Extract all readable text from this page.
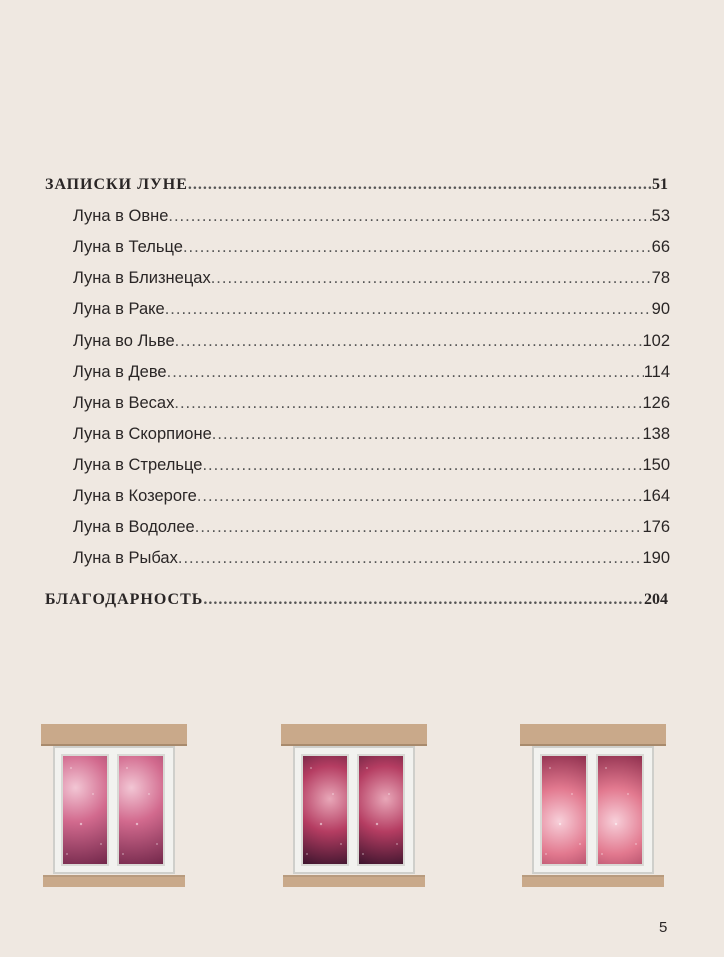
ЗАПИСКИ ЛУНЕ .....	51
Луна в Овне .....	53
Луна в Тельце .....	66
Луна в Близнецах .....	78
Луна в Раке .....	90
Луна во Льве .....	102
Луна в Деве .....	114
Луна в Весах .....	126
Луна в Скорпионе .....	138
Луна в Стрельце .....	150
Луна в Козероге .....	164
Луна в Водолее .....	176
Луна в Рыбах .....	190
БЛАГОДАРНОСТЬ .....	204
5
